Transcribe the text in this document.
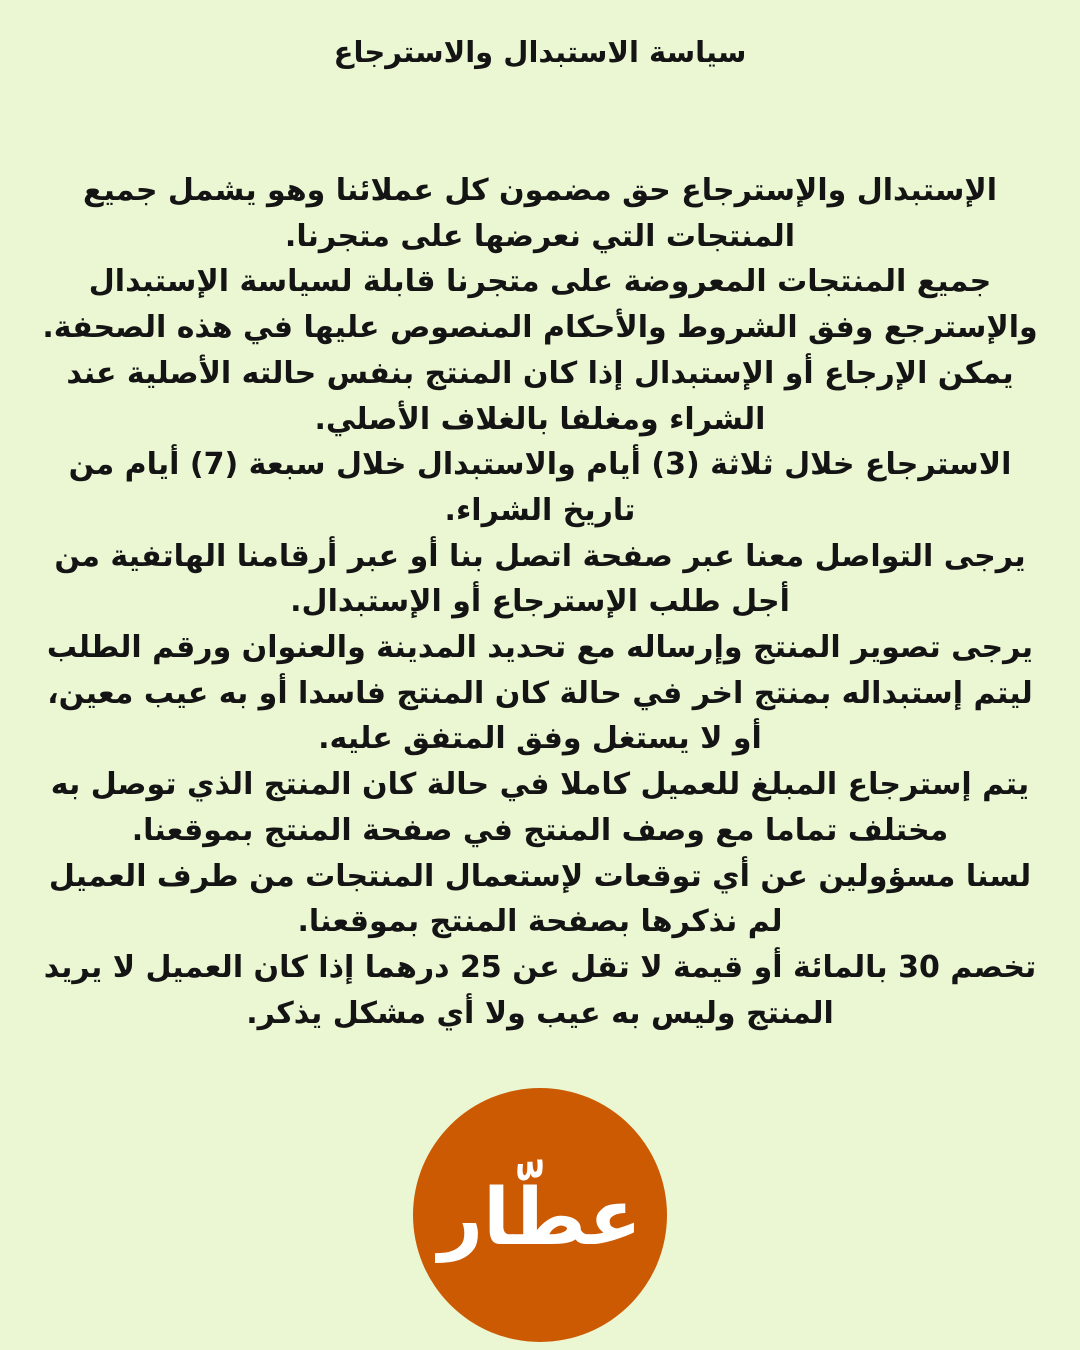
سياسة الاستبدال والاسترجاع
الإستبدال والإسترجاع حق مضمون كل عملائنا وهو يشمل جميع
المنتجات التي نعرضها على متجرنا.
جميع المنتجات المعروضة على متجرنا قابلة لسياسة الإستبدال
والإسترجع وفق الشروط والأحكام المنصوص عليها في هذه الصحفة.
يمكن الإرجاع أو الإستبدال إذا كان المنتج بنفس حالته الأصلية عند
الشراء ومغلفا بالغلاف الأصلي.
الاسترجاع خلال ثلاثة (3) أيام والاستبدال خلال سبعة (7) أيام من
تاريخ الشراء.
يرجى التواصل معنا عبر صفحة اتصل بنا أو عبر أرقامنا الهاتفية من
أجل طلب الإسترجاع أو الإستبدال.
يرجى تصوير المنتج وإرساله مع تحديد المدينة والعنوان ورقم الطلب
ليتم إستبداله بمنتج اخر في حالة كان المنتج فاسدا أو به عيب معين،
أو لا يستغل وفق المتفق عليه.
يتم إسترجاع المبلغ للعميل كاملا في حالة كان المنتج الذي توصل به
مختلف تماما مع وصف المنتج في صفحة المنتج بموقعنا.
لسنا مسؤولين عن أي توقعات لإستعمال المنتجات من طرف العميل
لم نذكرها بصفحة المنتج بموقعنا.
تخصم 30 بالمائة أو قيمة لا تقل عن 25 درهما إذا كان العميل لا يريد
المنتج وليس به عيب ولا أي مشكل يذكر.
عطّار
